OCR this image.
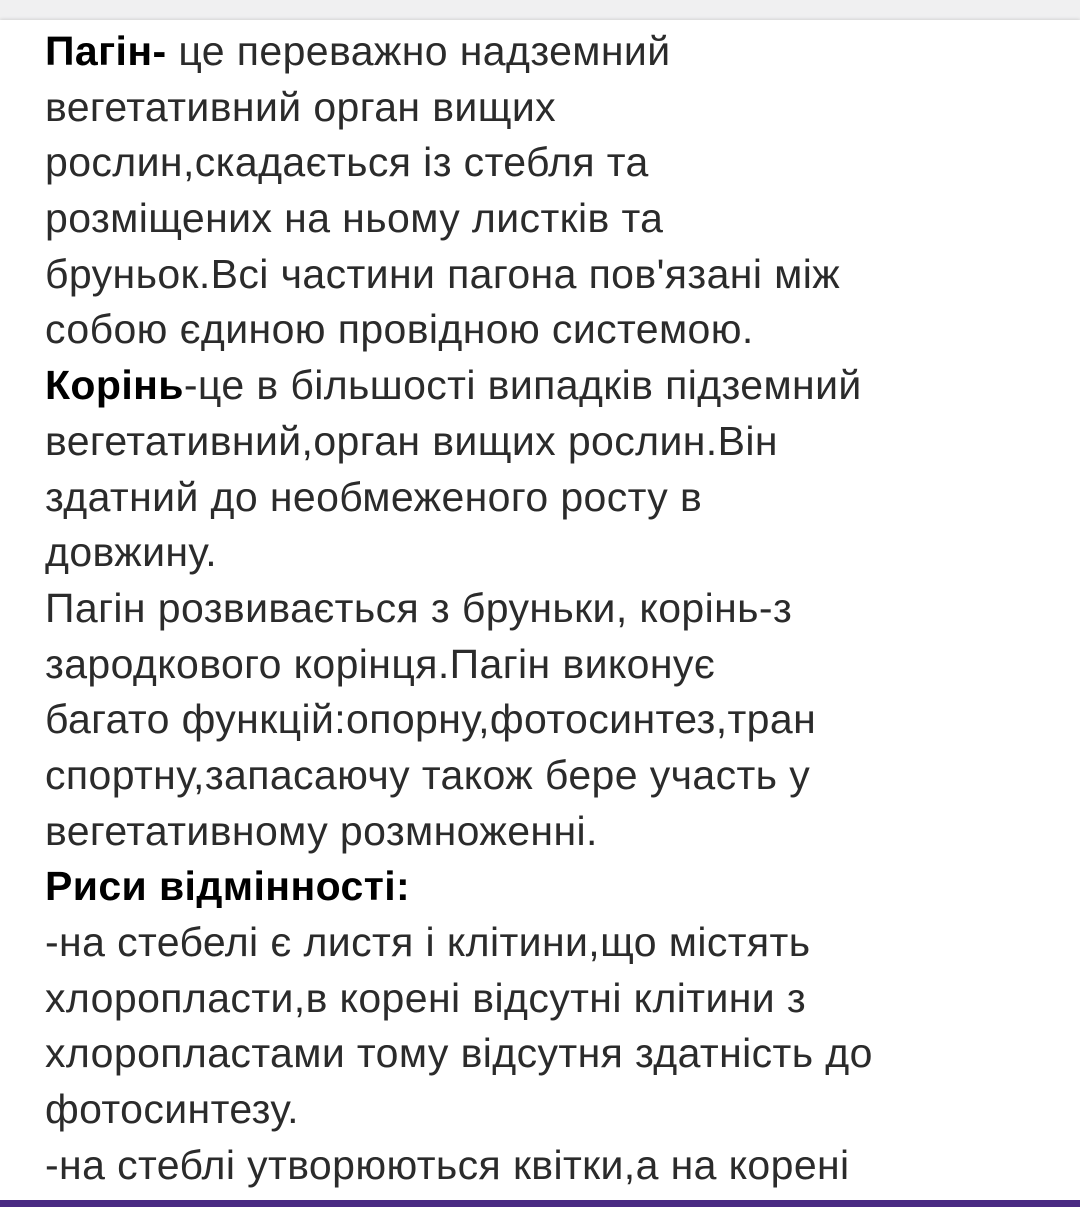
Пагін- це переважно надземний
вегетативний орган вищих
рослин,скадається із стебля та
розміщених на ньому листків та
бруньок.Всі частини пагона пов'язані між
собою єдиною провідною системою.
Корінь-це в більшості випадків підземний
вегетативний,орган вищих рослин.Він
здатний до необмеженого росту в
довжину.
Пагін розвивається з бруньки, корінь-з
зародкового корінця.Пагін виконує
багато функцій:опорну,фотосинтез,тран
спортну,запасаючу також бере участь у
вегетативному розмноженні.
Риси відмінності:
-на стебелі є листя і клітини,що містять
хлоропласти,в корені відсутні клітини з
хлоропластами тому відсутня здатність до
фотосинтезу.
-на стеблі утворюються квітки,а на корені
